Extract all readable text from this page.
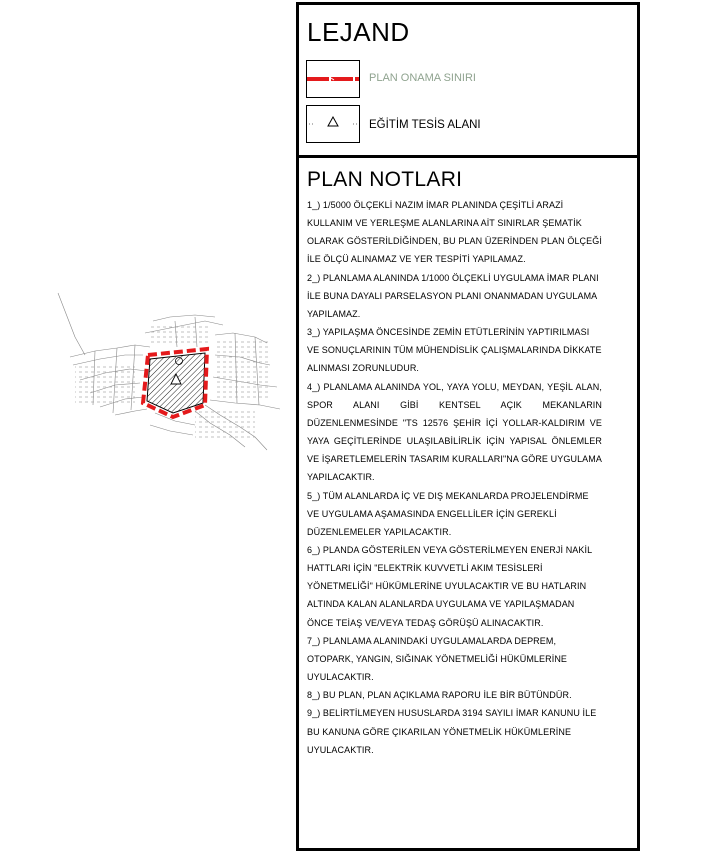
LEJAND
PLAN ONAMA SINIRI
EĞİTİM TESİS ALANI
PLAN NOTLARI
1_) 1/5000 ÖLÇEKLİ NAZIM İMAR PLANINDA ÇEŞİTLİ ARAZİ KULLANIM VE YERLEŞME ALANLARINA AİT SINIRLAR ŞEMATİK OLARAK GÖSTERİLDİĞİNDEN, BU PLAN ÜZERİNDEN PLAN ÖLÇEĞİ İLE ÖLÇÜ ALINAMAZ VE YER TESPİTİ YAPILAMAZ.
2_) PLANLAMA ALANINDA 1/1000 ÖLÇEKLİ UYGULAMA İMAR PLANI İLE BUNA DAYALI PARSELASYON PLANI ONANMADAN UYGULAMA YAPILAMAZ.
3_) YAPILAŞMA ÖNCESİNDE ZEMİN ETÜTLERİNİN YAPTIRILMASI VE SONUÇLARININ TÜM MÜHENDİSLİK ÇALIŞMALARINDA DİKKATE ALINMASI ZORUNLUDUR.
4_) PLANLAMA ALANINDA YOL, YAYA YOLU, MEYDAN, YEŞİL ALAN, SPOR ALANI GİBİ KENTSEL AÇIK MEKANLARIN DÜZENLENMESİNDE "TS 12576 ŞEHİR İÇİ YOLLAR-KALDIRIM VE YAYA GEÇİTLERİNDE ULAŞILABİLİRLİK İÇİN YAPISAL ÖNLEMLER VE İŞARETLEMELERİN TASARIM KURALLARI"NA GÖRE UYGULAMA YAPILACAKTIR.
5_) TÜM ALANLARDA İÇ VE DIŞ MEKANLARDA PROJELENDİRME VE UYGULAMA AŞAMASINDA ENGELLİLER İÇİN GEREKLİ DÜZENLEMELER YAPILACAKTIR.
6_) PLANDA GÖSTERİLEN VEYA GÖSTERİLMEYEN ENERJİ NAKİL HATTLARI İÇİN "ELEKTRİK KUVVETLİ AKIM TESİSLERİ YÖNETMELİĞİ" HÜKÜMLERİNE UYULACAKTIR VE BU HATLARIN ALTINDA KALAN ALANLARDA UYGULAMA VE YAPILAŞMADAN ÖNCE TEİAŞ VE/VEYA TEDAŞ GÖRÜŞÜ ALINACAKTIR.
7_) PLANLAMA ALANINDAKİ UYGULAMALARDA DEPREM, OTOPARK, YANGIN, SIĞINAK YÖNETMELİĞİ HÜKÜMLERİNE UYULACAKTIR.
8_) BU PLAN, PLAN AÇIKLAMA RAPORU İLE BİR BÜTÜNDÜR.
9_) BELİRTİLMEYEN HUSUSLARDA 3194 SAYILI İMAR KANUNU İLE BU KANUNA GÖRE ÇIKARILAN YÖNETMELİK HÜKÜMLERİNE UYULACAKTIR.
